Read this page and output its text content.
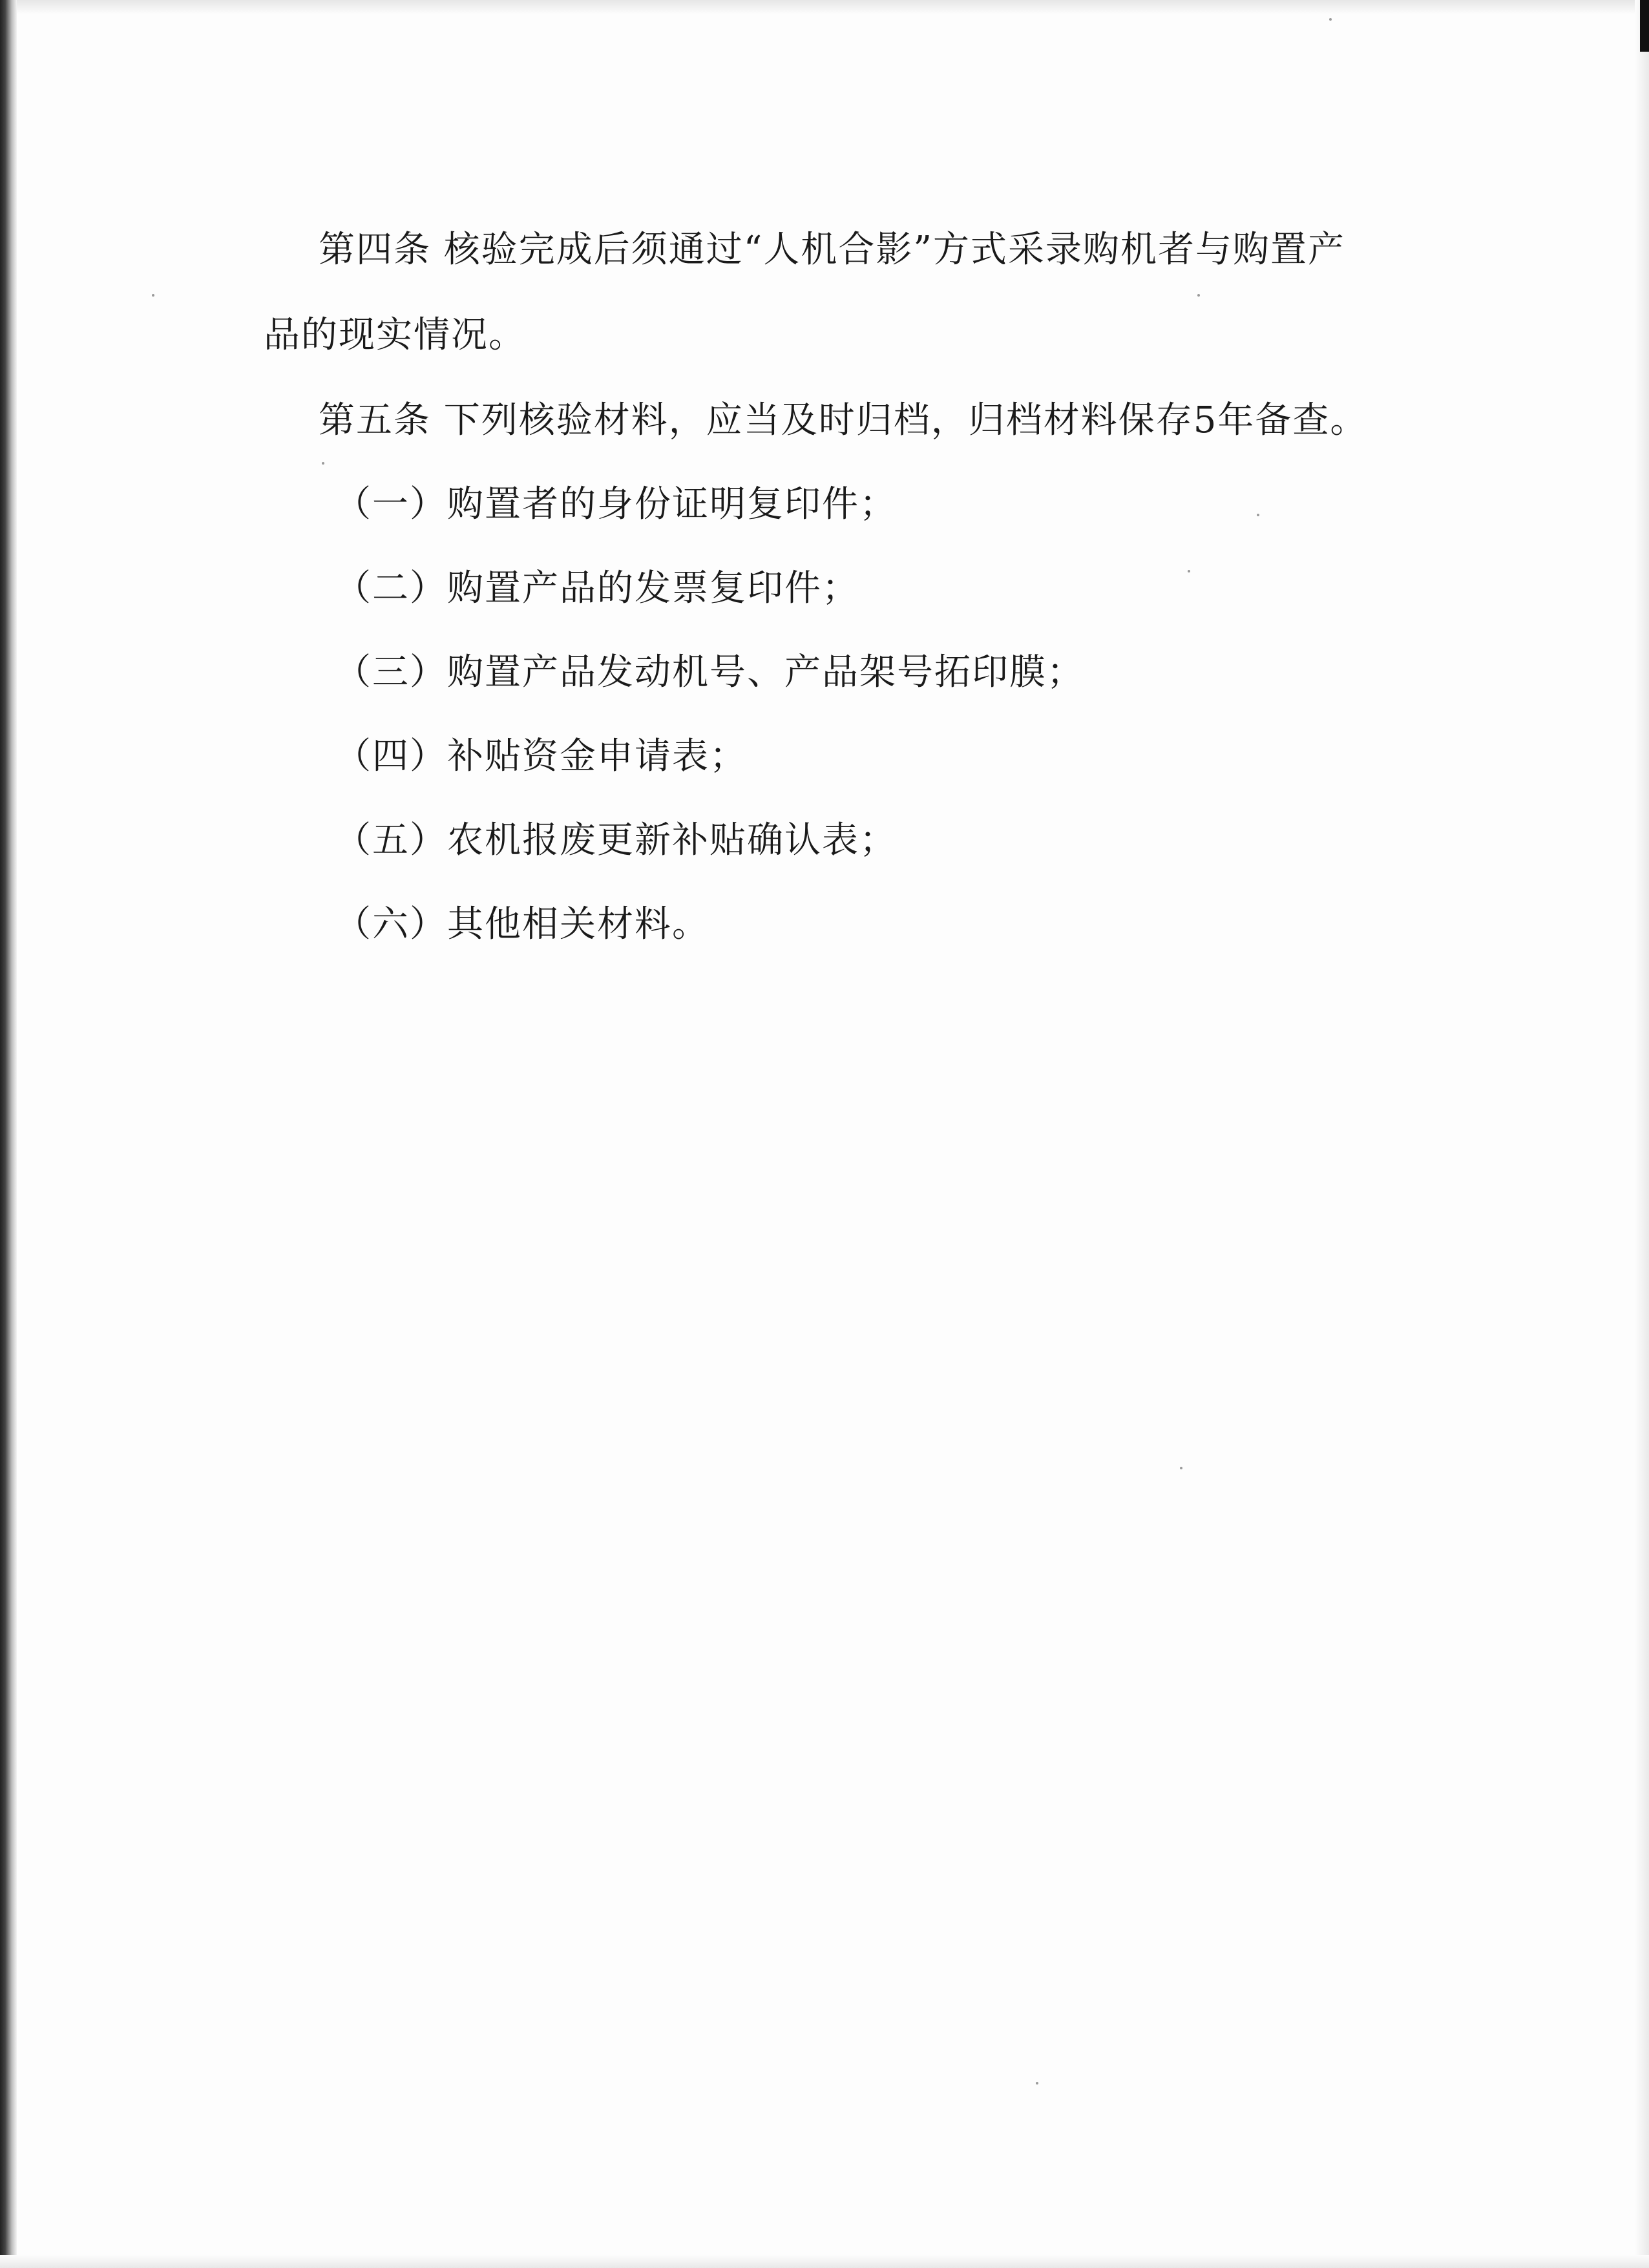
第四条 核验完成后须通过“人机合影”方式采录购机者与购置产
品的现实情况。
第五条 下列核验材料，应当及时归档，归档材料保存5年备查。
（一）购置者的身份证明复印件；
（二）购置产品的发票复印件；
（三）购置产品发动机号、产品架号拓印膜；
（四）补贴资金申请表；
（五）农机报废更新补贴确认表；
（六）其他相关材料。
